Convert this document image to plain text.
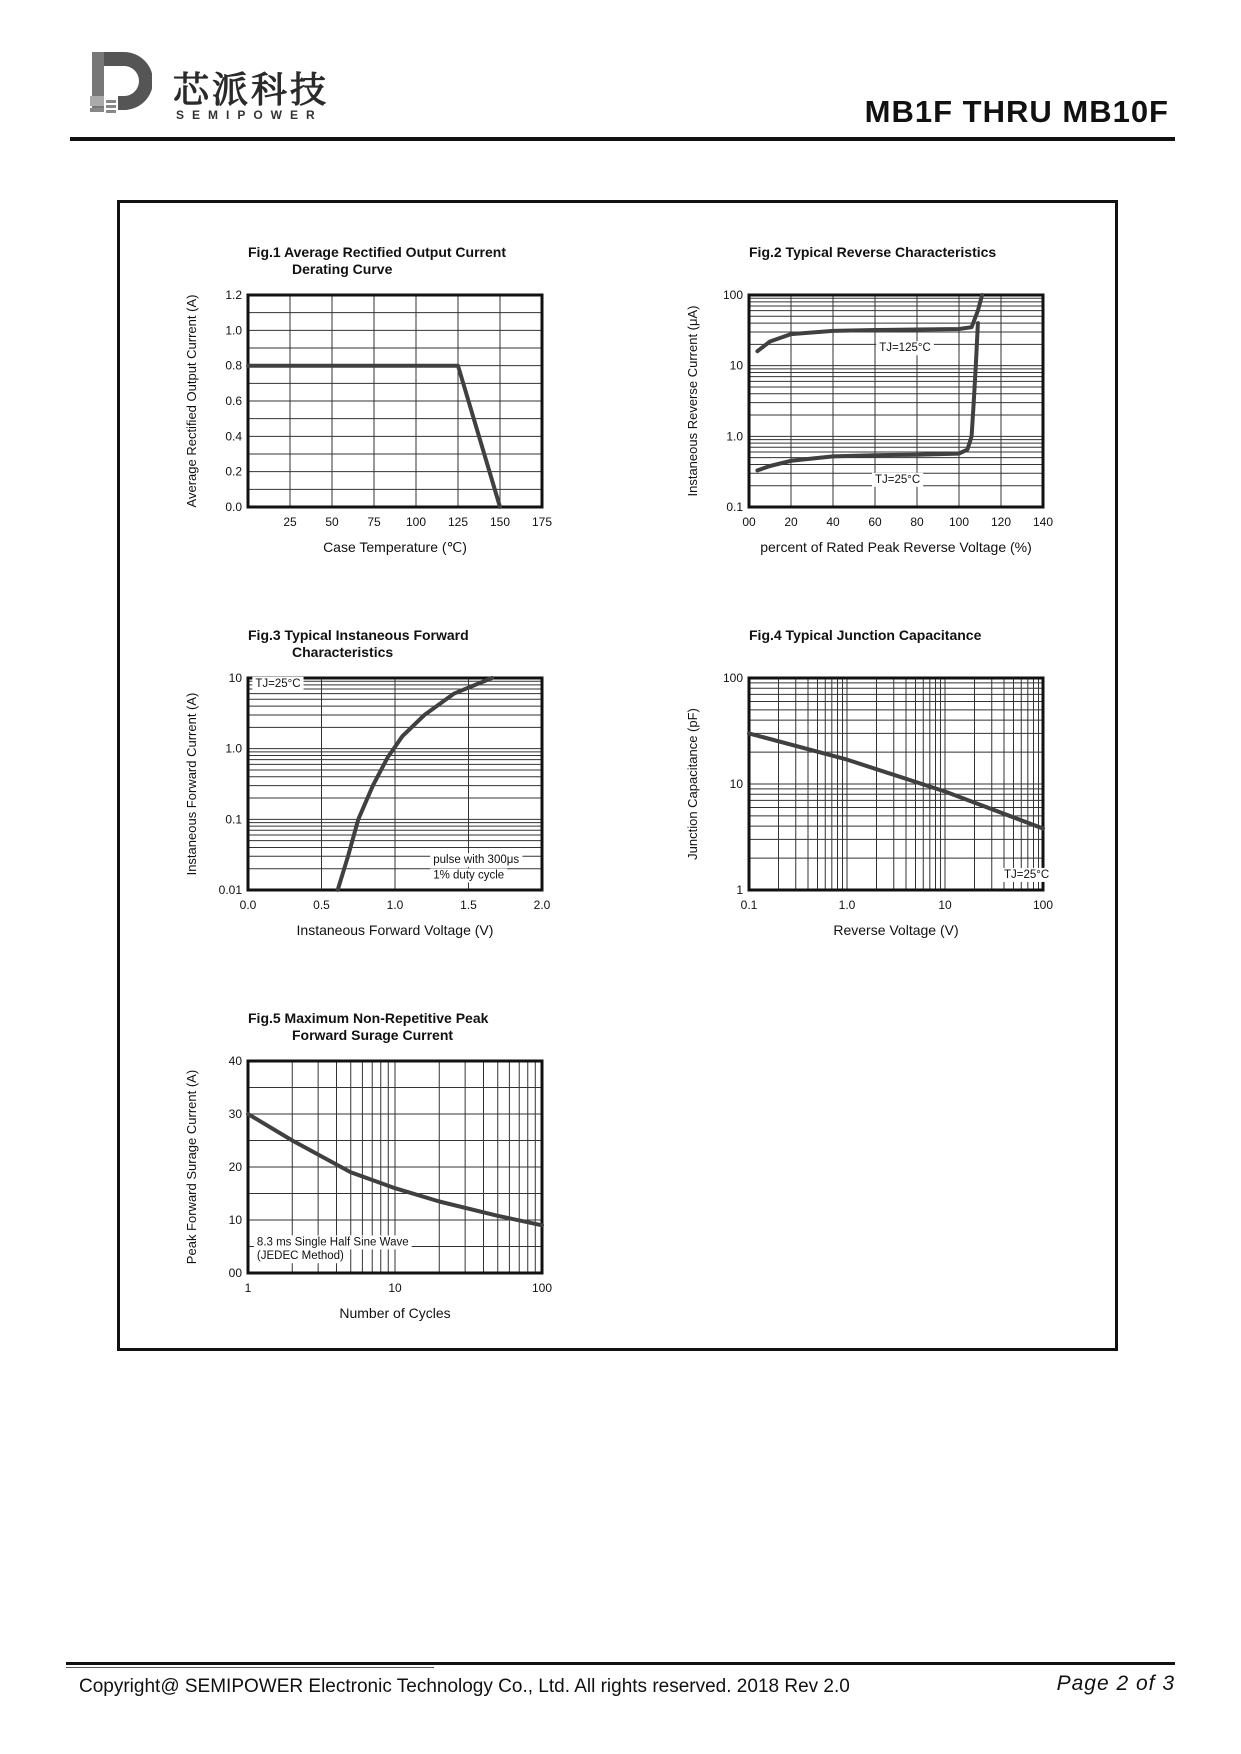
芯派科技
SEMIPOWER	MB1F THRU MB10F
Fig.1 Average Rectified Output Current
Derating Curve
25 50 75 100 125 150 175
0.0
0.2
0.4
0.6
0.8
1.0
1.2
Case Temperature (℃)
Average Rectified Output Current (A)
Fig.2 Typical Reverse Characteristics
00 20 40 60 80 100 120 140
0.1
1.0
10
100
percent of Rated Peak Reverse Voltage (%)
Instaneous Reverse Current (μA)	TJ=125°C
TJ=25°C
Fig.3 Typical Instaneous Forward
Characteristics
0.0	0.5	1.0	1.5	2.0
0.01
0.1
1.0
10
Instaneous Forward Voltage (V)
Instaneous Forward Current (A)
TJ=25°C
pulse with 300μs
1% duty cycle
Fig.4 Typical Junction Capacitance
0.1	1.0	10	100
1
10
100
Reverse Voltage (V)
Junction Capacitance (pF)
TJ=25°C
Fig.5 Maximum Non-Repetitive Peak
Forward Surage Current
1	10	100
00
10
20
30
40
Number of Cycles
Peak Forward Surage Current (A)	8.3 ms Single Half Sine Wave
(JEDEC Method)
Copyright@ SEMIPOWER Electronic Technology Co., Ltd. All rights reserved. 2018 Rev 2.0	Page 2 of 3
